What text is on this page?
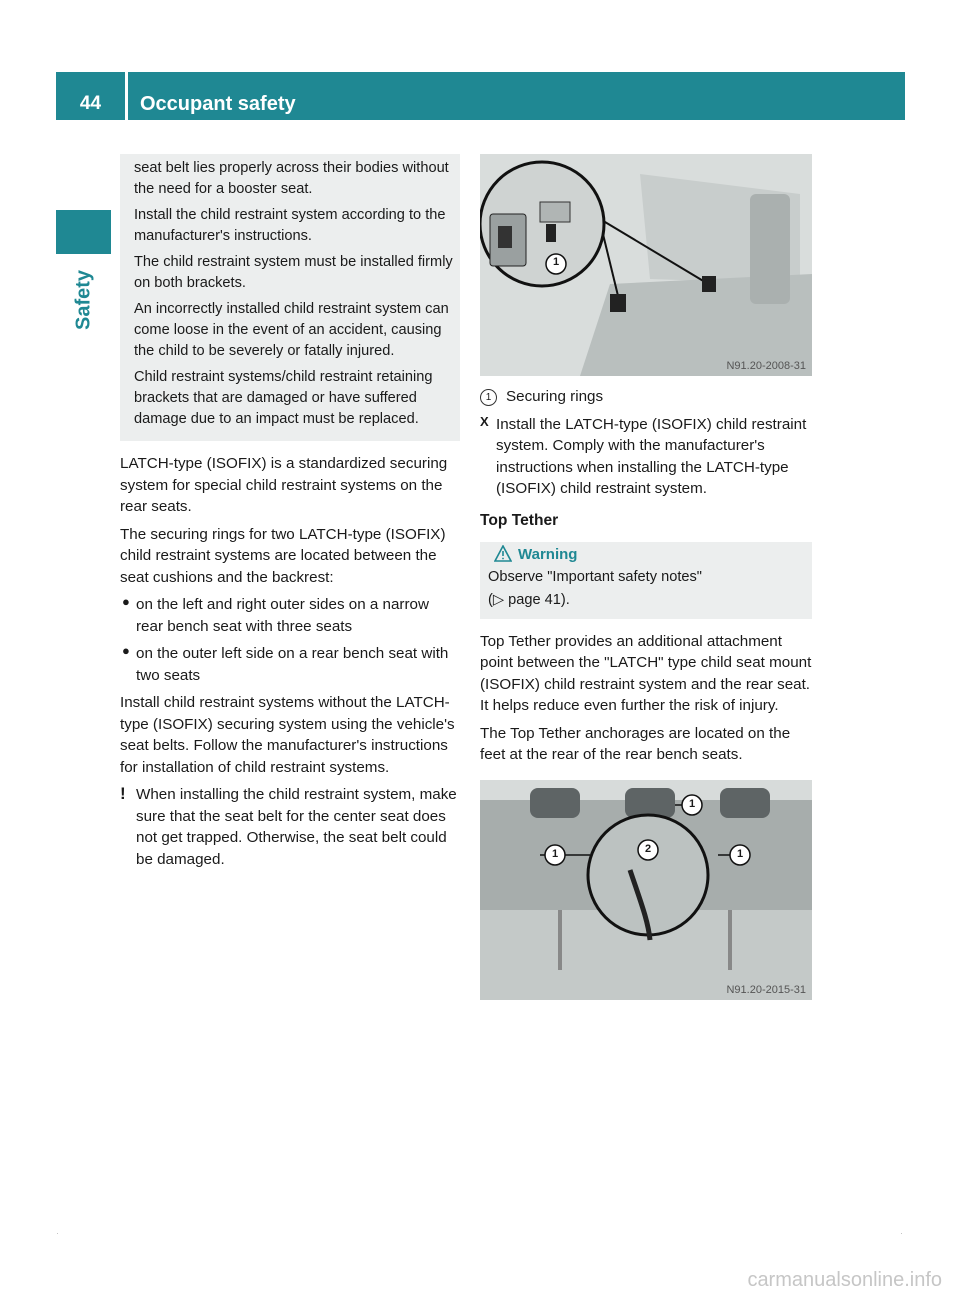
44	Occupant safety
Safety

seat belt lies properly across their bodies without the need for a booster seat.

Install the child restraint system according to the manufacturer's instructions.

The child restraint system must be installed firmly on both brackets.

An incorrectly installed child restraint system can come loose in the event of an accident, causing the child to be severely or fatally injured.

Child restraint systems/child restraint retaining brackets that are damaged or have suffered damage due to an impact must be replaced.

LATCH-type (ISOFIX) is a standardized securing system for special child restraint systems on the rear seats.

The securing rings for two LATCH-type (ISOFIX) child restraint systems are located between the seat cushions and the backrest:

● on the left and right outer sides on a narrow rear bench seat with three seats

● on the outer left side on a rear bench seat with two seats

Install child restraint systems without the LATCH-type (ISOFIX) securing system using the vehicle's seat belts. Follow the manufacturer's instructions for installation of child restraint systems.

! When installing the child restraint system, make sure that the seat belt for the center seat does not get trapped. Otherwise, the seat belt could be damaged.

1
N91.20-2008-31
1 Securing rings

X Install the LATCH-type (ISOFIX) child restraint system. Comply with the manufacturer's instructions when installing the LATCH-type (ISOFIX) child restraint system.

Top Tether
Warning

Observe "Important safety notes"

(▷ page 41).

Top Tether provides an additional attachment point between the "LATCH" type child seat mount (ISOFIX) child restraint system and the rear seat. It helps reduce even further the risk of injury.

The Top Tether anchorages are located on the feet at the rear of the rear bench seats.

1
1
1
2
N91.20-2015-31
·	·
carmanualsonline.info
